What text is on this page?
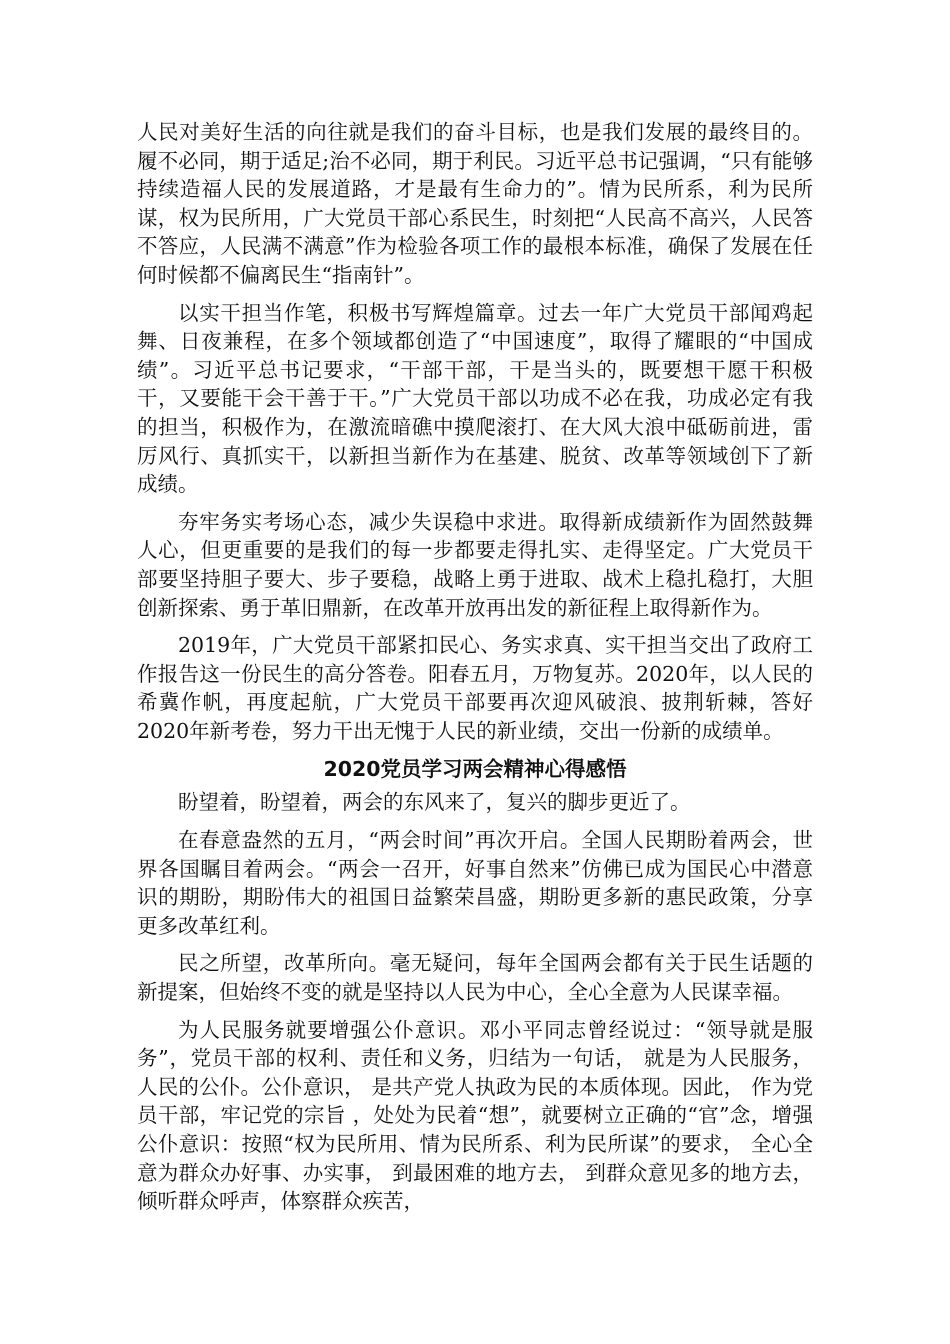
人民对美好生活的向往就是我们的奋斗目标，也是我们发展的最终目的。履不必同，期于适足;治不必同，期于利民。习近平总书记强调，“只有能够持续造福人民的发展道路，才是最有生命力的”。情为民所系，利为民所谋，权为民所用，广大党员干部心系民生，时刻把“人民高不高兴，人民答不答应，人民满不满意”作为检验各项工作的最根本标准，确保了发展在任何时候都不偏离民生“指南针”。

以实干担当作笔，积极书写辉煌篇章。过去一年广大党员干部闻鸡起舞、日夜兼程，在多个领域都创造了“中国速度”，取得了耀眼的“中国成绩”。习近平总书记要求，“干部干部，干是当头的，既要想干愿干积极干，又要能干会干善于干。”广大党员干部以功成不必在我，功成必定有我的担当，积极作为，在激流暗礁中摸爬滚打、在大风大浪中砥砺前进，雷厉风行、真抓实干，以新担当新作为在基建、脱贫、改革等领域创下了新成绩。

夯牢务实考场心态，减少失误稳中求进。取得新成绩新作为固然鼓舞人心，但更重要的是我们的每一步都要走得扎实、走得坚定。广大党员干部要坚持胆子要大、步子要稳，战略上勇于进取、战术上稳扎稳打，大胆创新探索、勇于革旧鼎新，在改革开放再出发的新征程上取得新作为。

2019年，广大党员干部紧扣民心、务实求真、实干担当交出了政府工作报告这一份民生的高分答卷。阳春五月，万物复苏。2020年，以人民的希冀作帆，再度起航，广大党员干部要再次迎风破浪、披荆斩棘，答好2020年新考卷，努力干出无愧于人民的新业绩，交出一份新的成绩单。

2020党员学习两会精神心得感悟

盼望着，盼望着，两会的东风来了，复兴的脚步更近了。

在春意盎然的五月，“两会时间”再次开启。全国人民期盼着两会，世界各国瞩目着两会。“两会一召开，好事自然来”仿佛已成为国民心中潜意识的期盼，期盼伟大的祖国日益繁荣昌盛，期盼更多新的惠民政策，分享更多改革红利。

民之所望，改革所向。毫无疑问，每年全国两会都有关于民生话题的新提案，但始终不变的就是坚持以人民为中心，全心全意为人民谋幸福。

为人民服务就要增强公仆意识。邓小平同志曾经说过：“领导就是服务”，党员干部的权利、责任和义务，归结为一句话， 就是为人民服务， 人民的公仆。公仆意识， 是共产党人执政为民的本质体现。因此， 作为党员干部，牢记党的宗旨 ，处处为民着“想”，就要树立正确的“官”念，增强公仆意识：按照“权为民所用、情为民所系、利为民所谋”的要求， 全心全意为群众办好事、办实事， 到最困难的地方去， 到群众意见多的地方去， 倾听群众呼声，体察群众疾苦，
